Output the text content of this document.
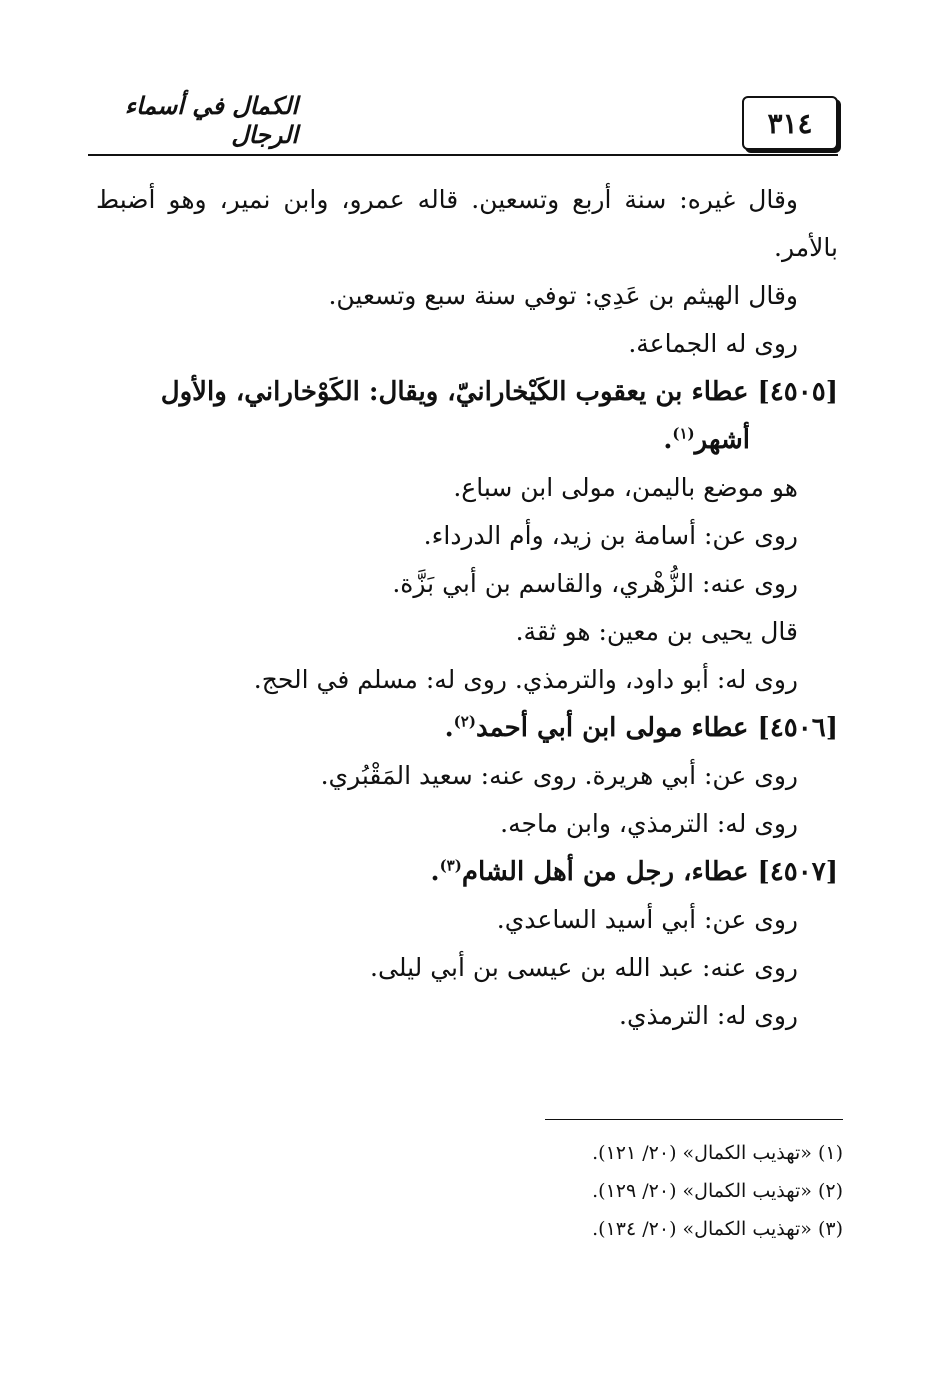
٣١٤
الكمال في أسماء الرجال
وقال غيره: سنة أربع وتسعين. قاله عمرو، وابن نمير، وهو أضبط
بالأمر.
وقال الهيثم بن عَدِي: توفي سنة سبع وتسعين.
روى له الجماعة.
[٤٥٠٥] عطاء بن يعقوب الكَيْخارانيّ، ويقال: الكَوْخاراني، والأول
أشهر$^{(١)}$.
هو موضع باليمن، مولى ابن سباع.
روى عن: أسامة بن زيد، وأم الدرداء.
روى عنه: الزُّهْري، والقاسم بن أبي بَزَّة.
قال يحيى بن معين: هو ثقة.
روى له: أبو داود، والترمذي. روى له: مسلم في الحج.
[٤٥٠٦] عطاء مولى ابن أبي أحمد$^{(٢)}$.
روى عن: أبي هريرة. روى عنه: سعيد المَقْبُري.
روى له: الترمذي، وابن ماجه.
[٤٥٠٧] عطاء، رجل من أهل الشام$^{(٣)}$.
روى عن: أبي أسيد الساعدي.
روى عنه: عبد الله بن عيسى بن أبي ليلى.
روى له: الترمذي.
(١) «تهذيب الكمال» (٢٠/ ١٢١).
(٢) «تهذيب الكمال» (٢٠/ ١٢٩).
(٣) «تهذيب الكمال» (٢٠/ ١٣٤).
